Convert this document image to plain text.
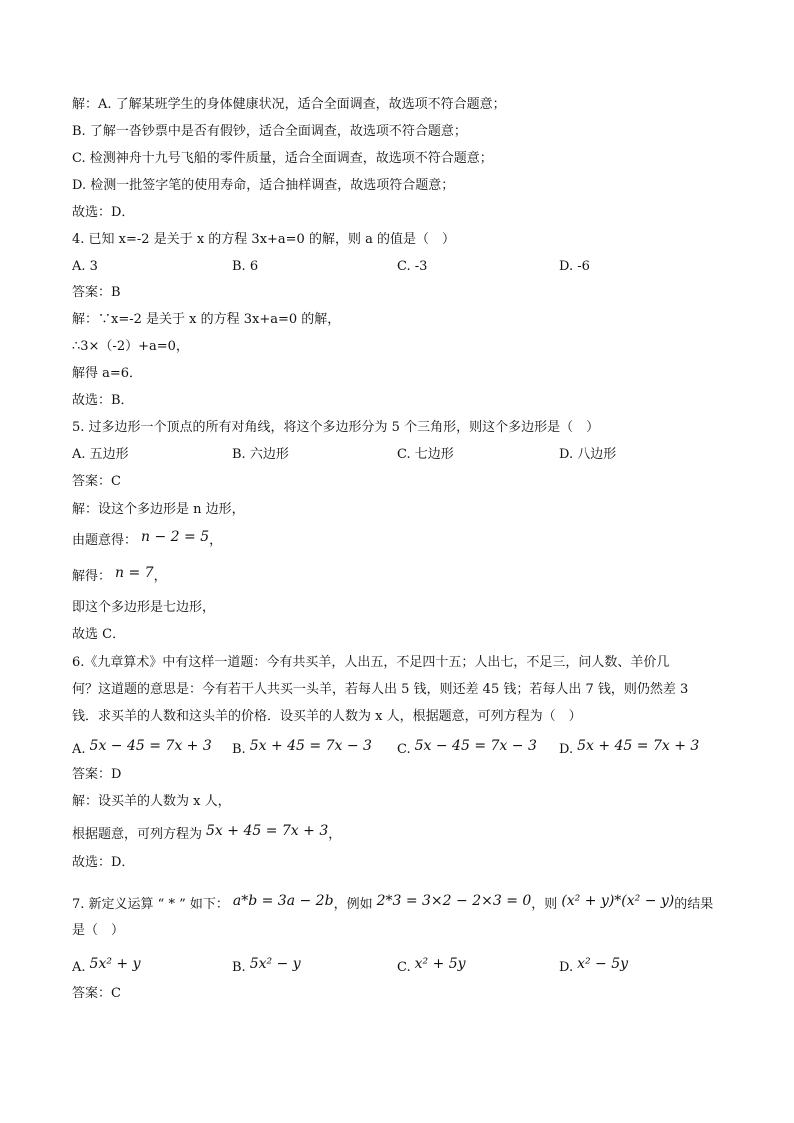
解：A. 了解某班学生的身体健康状况，适合全面调查，故选项不符合题意；
B. 了解一沓钞票中是否有假钞，适合全面调查，故选项不符合题意；
C. 检测神舟十九号飞船的零件质量，适合全面调查，故选项不符合题意；
D. 检测一批签字笔的使用寿命，适合抽样调查，故选项符合题意；
故选：D．
4. 已知 x=-2 是关于 x 的方程 3x+a=0 的解，则 a 的值是（　）
A. 3	B. 6	C. -3	D. -6
答案：B
解：∵x=-2 是关于 x 的方程 3x+a=0 的解，
∴3×（-2）+a=0，
解得 a=6．
故选：B．
5. 过多边形一个顶点的所有对角线，将这个多边形分为 5 个三角形，则这个多边形是（　）
A. 五边形	B. 六边形	C. 七边形	D. 八边形
答案：C
解：设这个多边形是 n 边形，
由题意得： n − 2 = 5，
解得： n = 7，
即这个多边形是七边形，
故选 C．
6.《九章算术》中有这样一道题：今有共买羊，人出五，不足四十五；人出七，不足三，问人数、羊价几
何？这道题的意思是：今有若干人共买一头羊，若每人出 5 钱，则还差 45 钱；若每人出 7 钱，则仍然差 3
钱．求买羊的人数和这头羊的价格．设买羊的人数为 x 人，根据题意，可列方程为（　）
A. 5x − 45 = 7x + 3 B. 5x + 45 = 7x − 3 C. 5x − 45 = 7x − 3 D. 5x + 45 = 7x + 3
答案：D
解：设买羊的人数为 x 人，
根据题意，可列方程为 5x + 45 = 7x + 3，
故选：D．
7. 新定义运算 “ * ” 如下： a*b = 3a − 2b，例如 2*3 = 3×2 − 2×3 = 0，则 (x² + y)*(x² − y)的结果
是（　）
A. 5x² + y	B. 5x² − y	C. x² + 5y	D. x² − 5y
答案：C
